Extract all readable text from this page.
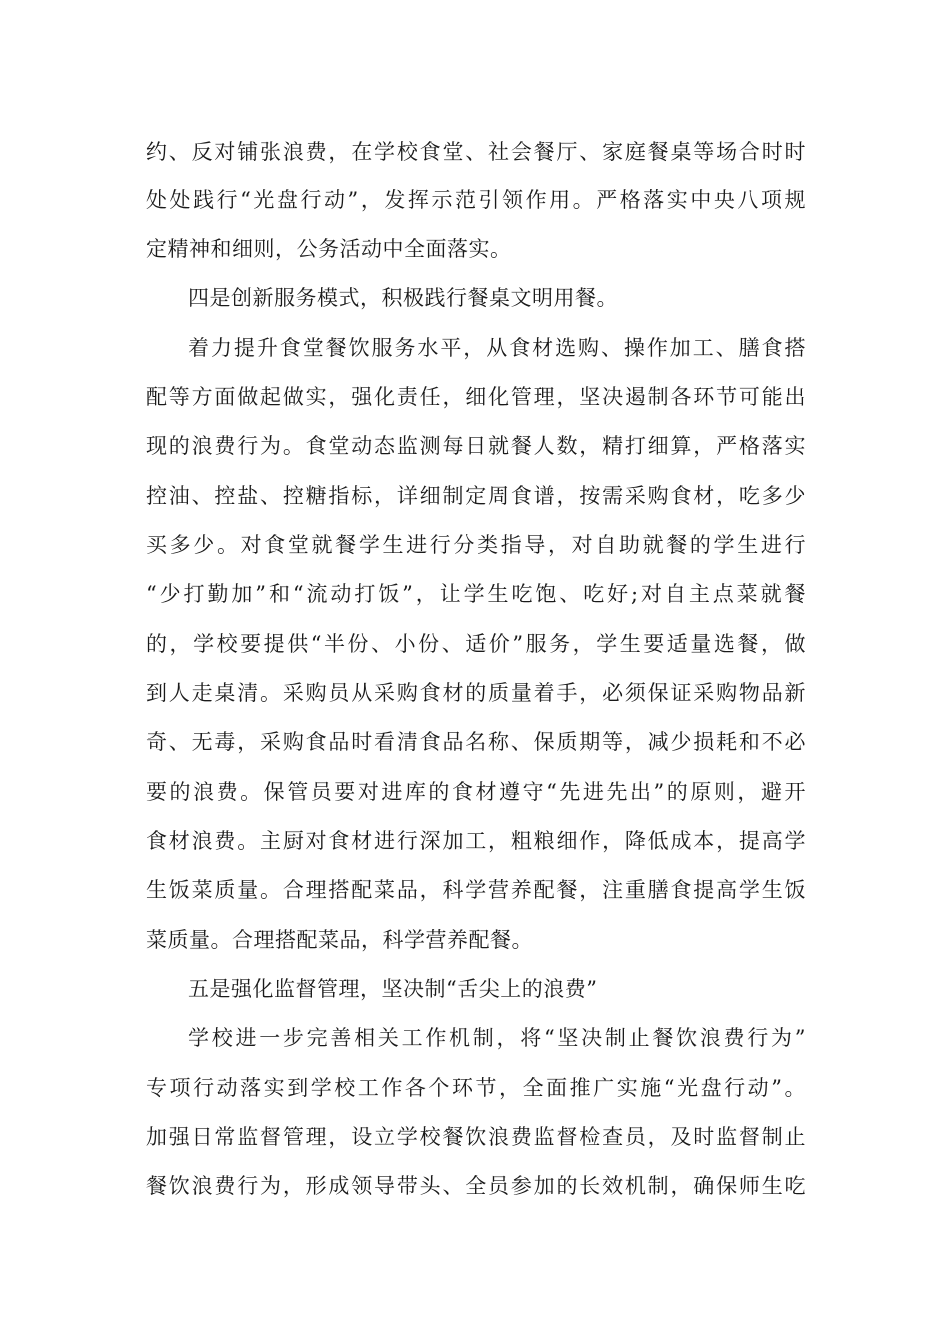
约、反对铺张浪费，在学校食堂、社会餐厅、家庭餐桌等场合时时
处处践行“光盘行动”，发挥示范引领作用。严格落实中央八项规
定精神和细则，公务活动中全面落实。
四是创新服务模式，积极践行餐桌文明用餐。
着力提升食堂餐饮服务水平，从食材选购、操作加工、膳食搭
配等方面做起做实，强化责任，细化管理，坚决遏制各环节可能出
现的浪费行为。食堂动态监测每日就餐人数，精打细算，严格落实
控油、控盐、控糖指标，详细制定周食谱，按需采购食材，吃多少
买多少。对食堂就餐学生进行分类指导，对自助就餐的学生进行
“少打勤加”和“流动打饭”，让学生吃饱、吃好;对自主点菜就餐
的，学校要提供“半份、小份、适价”服务，学生要适量选餐，做
到人走桌清。采购员从采购食材的质量着手，必须保证采购物品新
奇、无毒，采购食品时看清食品名称、保质期等，减少损耗和不必
要的浪费。保管员要对进库的食材遵守“先进先出”的原则，避开
食材浪费。主厨对食材进行深加工，粗粮细作，降低成本，提高学
生饭菜质量。合理搭配菜品，科学营养配餐，注重膳食提高学生饭
菜质量。合理搭配菜品，科学营养配餐。
五是强化监督管理，坚决制“舌尖上的浪费”
学校进一步完善相关工作机制，将“坚决制止餐饮浪费行为”
专项行动落实到学校工作各个环节，全面推广实施“光盘行动”。
加强日常监督管理，设立学校餐饮浪费监督检查员，及时监督制止
餐饮浪费行为，形成领导带头、全员参加的长效机制，确保师生吃
